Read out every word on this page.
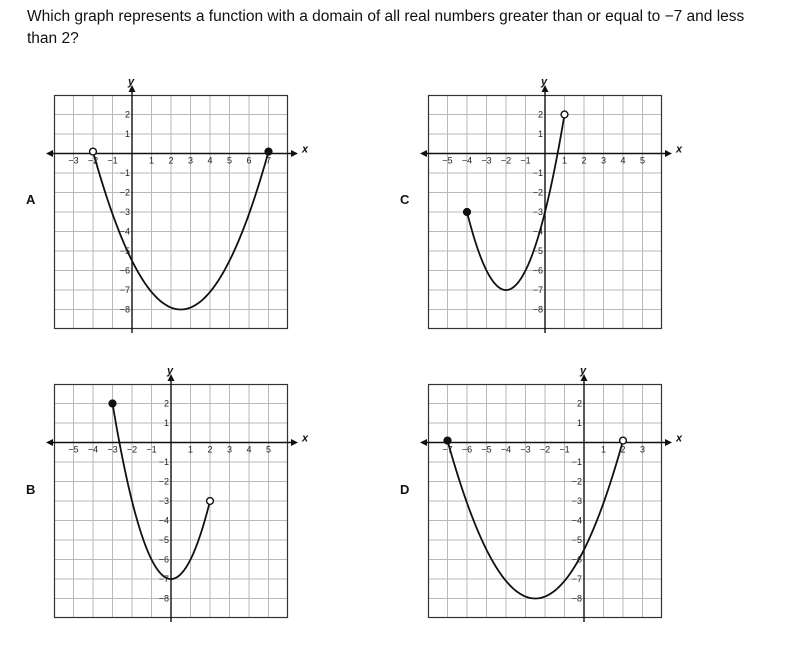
Which graph represents a function with a domain of all real numbers greater than or equal to −7 and less than 2?

A	C
B	D
x
y
−3 −2 −1	1 2 3 4 5 6 7
2
1
−1
−2
−3
−4
−5
−6
−7
−8
x
y
−5 −4 −3 −2 −1	1 2 3 4 5
2
1
−1
−2
−3
−4
−5
−6
−7
−8
x
y
−5 −4 −3 −2 −1	1 2 3 4 5
2
1
−1
−2
−3
−4
−5
−6
−7
−8
x
y
−7 −6 −5 −4 −3 −2 −1	1 2 3
2
1
−1
−2
−3
−4
−5
−6
−7
−8
